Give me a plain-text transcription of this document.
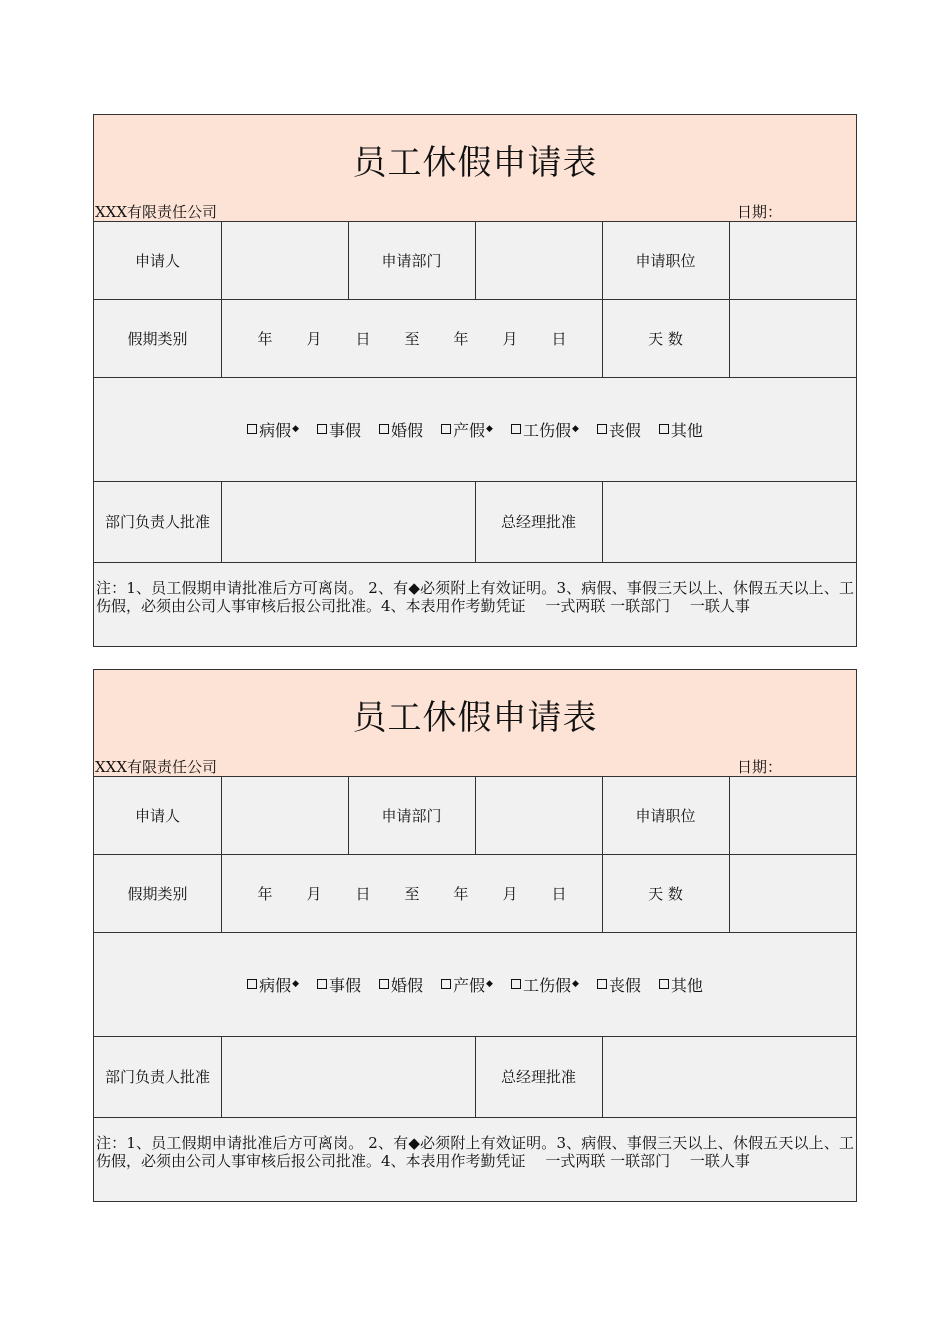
员工休假申请表
XXX有限责任公司	日期：
申请人	申请部门	申请职位
假期类别	年 月 日 至 年 月 日	天 数
病假 ◆ 事假 婚假 产假 ◆ 工伤假 ◆ 丧假 其他
部门负责人批准	总经理批准
注：1、员工假期申请批准后方可离岗。 2、有◆必须附上有效证明。3、病假、事假三天以上、休假五天以上、工伤假，必须由公司人事审核后报公司批准。4、本表用作考勤凭证　 一式两联 一联部门　 一联人事
员工休假申请表
XXX有限责任公司	日期：
申请人	申请部门	申请职位
假期类别	年 月 日 至 年 月 日	天 数
病假 ◆ 事假 婚假 产假 ◆ 工伤假 ◆ 丧假 其他
部门负责人批准	总经理批准
注：1、员工假期申请批准后方可离岗。 2、有◆必须附上有效证明。3、病假、事假三天以上、休假五天以上、工伤假，必须由公司人事审核后报公司批准。4、本表用作考勤凭证　 一式两联 一联部门　 一联人事
